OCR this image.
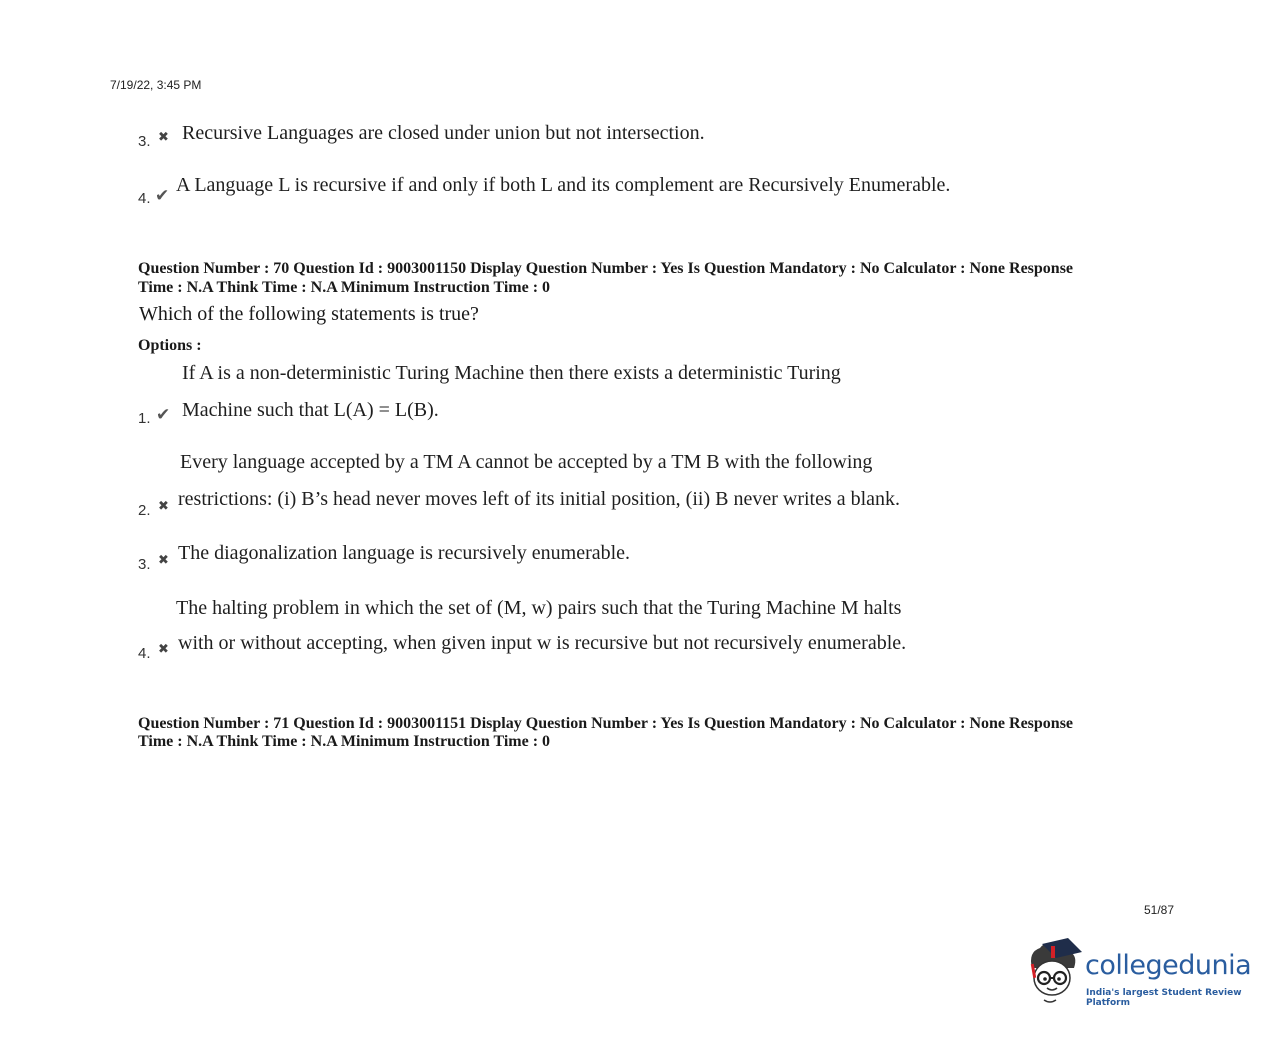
7/19/22, 3:45 PM
3. ✖ Recursive Languages are closed under union but not intersection.
4. ✔ A Language L is recursive if and only if both L and its complement are Recursively Enumerable.
Question Number : 70 Question Id : 9003001150 Display Question Number : Yes Is Question Mandatory : No Calculator : None Response
Time : N.A Think Time : N.A Minimum Instruction Time : 0
Which of the following statements is true?
Options :
If A is a non-deterministic Turing Machine then there exists a deterministic Turing
1. ✔ Machine such that L(A) = L(B).
Every language accepted by a TM A cannot be accepted by a TM B with the following
2. ✖ restrictions: (i) B’s head never moves left of its initial position, (ii) B never writes a blank.
3. ✖ The diagonalization language is recursively enumerable.
The halting problem in which the set of (M, w) pairs such that the Turing Machine M halts
4. ✖ with or without accepting, when given input w is recursive but not recursively enumerable.
Question Number : 71 Question Id : 9003001151 Display Question Number : Yes Is Question Mandatory : No Calculator : None Response
Time : N.A Think Time : N.A Minimum Instruction Time : 0
51/87
collegedunia
India's largest Student Review Platform
